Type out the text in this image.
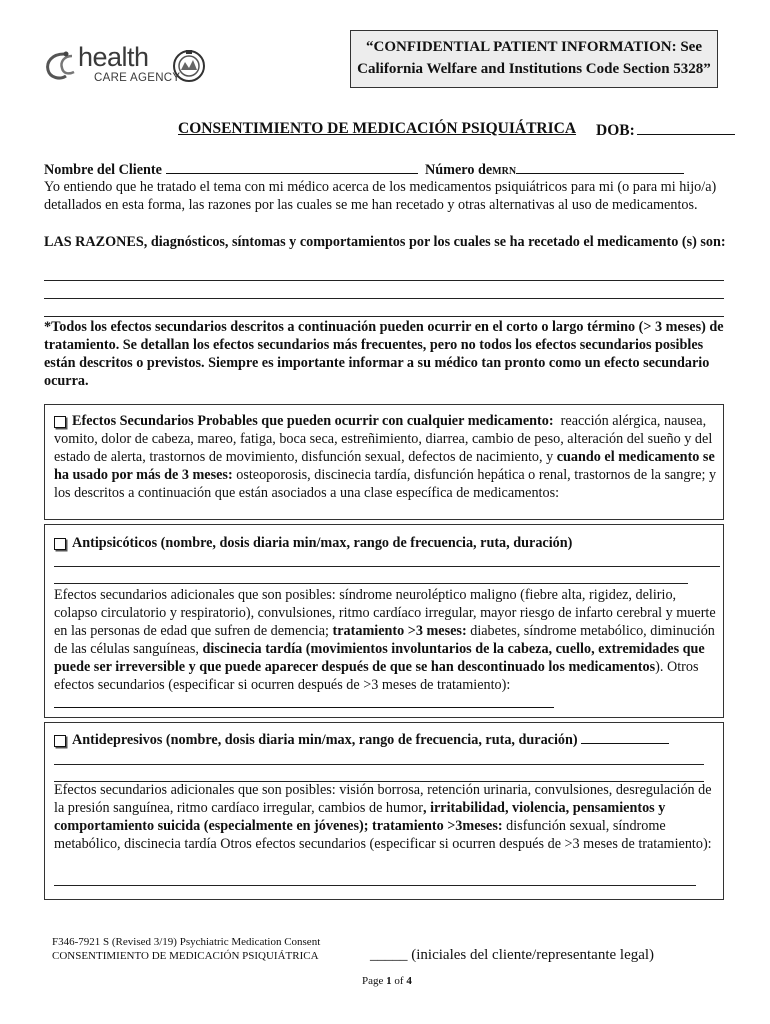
health
CARE AGENCY
“CONFIDENTIAL PATIENT INFORMATION: See
California Welfare and Institutions Code Section 5328”
CONSENTIMIENTO DE MEDICACIÓN PSIQUIÁTRICA DOB:
Nombre del Cliente	Número deMRN
Yo entiendo que he tratado el tema con mi médico acerca de los medicamentos psiquiátricos para mi (o para mi hijo/a) detallados en esta forma, las razones por las cuales se me han recetado y otras alternativas al uso de medicamentos.
LAS RAZONES, diagnósticos, síntomas y comportamientos por los cuales se ha recetado el medicamento (s) son:
*Todos los efectos secundarios descritos a continuación pueden ocurrir en el corto o largo término (> 3 meses) de tratamiento. Se detallan los efectos secundarios más frecuentes, pero no todos los efectos secundarios posibles están descritos o previstos. Siempre es importante informar a su médico tan pronto como un efecto secundario ocurra.
Efectos Secundarios Probables que pueden ocurrir con cualquier medicamento: reacción alérgica, nausea, vomito, dolor de cabeza, mareo, fatiga, boca seca, estreñimiento, diarrea, cambio de peso, alteración del sueño y del estado de alerta, trastornos de movimiento, disfunción sexual, defectos de nacimiento, y cuando el medicamento se ha usado por más de 3 meses: osteoporosis, discinecia tardía, disfunción hepática o renal, trastornos de la sangre; y los descritos a continuación que están asociados a una clase específica de medicamentos:
Antipsicóticos (nombre, dosis diaria min/max, rango de frecuencia, ruta, duración)
Efectos secundarios adicionales que son posibles: síndrome neuroléptico maligno (fiebre alta, rigidez, delirio, colapso circulatorio y respiratorio), convulsiones, ritmo cardíaco irregular, mayor riesgo de infarto cerebral y muerte en las personas de edad que sufren de demencia; tratamiento >3 meses: diabetes, síndrome metabólico, diminución de las células sanguíneas, discinecia tardía (movimientos involuntarios de la cabeza, cuello, extremidades que puede ser irreversible y que puede aparecer después de que se han descontinuado los medicamentos). Otros efectos secundarios (especificar si ocurren después de >3 meses de tratamiento):
Antidepresivos (nombre, dosis diaria min/max, rango de frecuencia, ruta, duración)
Efectos secundarios adicionales que son posibles: visión borrosa, retención urinaria, convulsiones, desregulación de la presión sanguínea, ritmo cardíaco irregular, cambios de humor, irritabilidad, violencia, pensamientos y comportamiento suicida (especialmente en jóvenes); tratamiento >3meses: disfunción sexual, síndrome metabólico, discinecia tardía Otros efectos secundarios (especificar si ocurren después de >3 meses de tratamiento):
F346-7921 S (Revised 3/19) Psychiatric Medication Consent
CONSENTIMIENTO DE MEDICACIÓN PSIQUIÁTRICA	_____ (iniciales del cliente/representante legal)
Page 1 of 4
